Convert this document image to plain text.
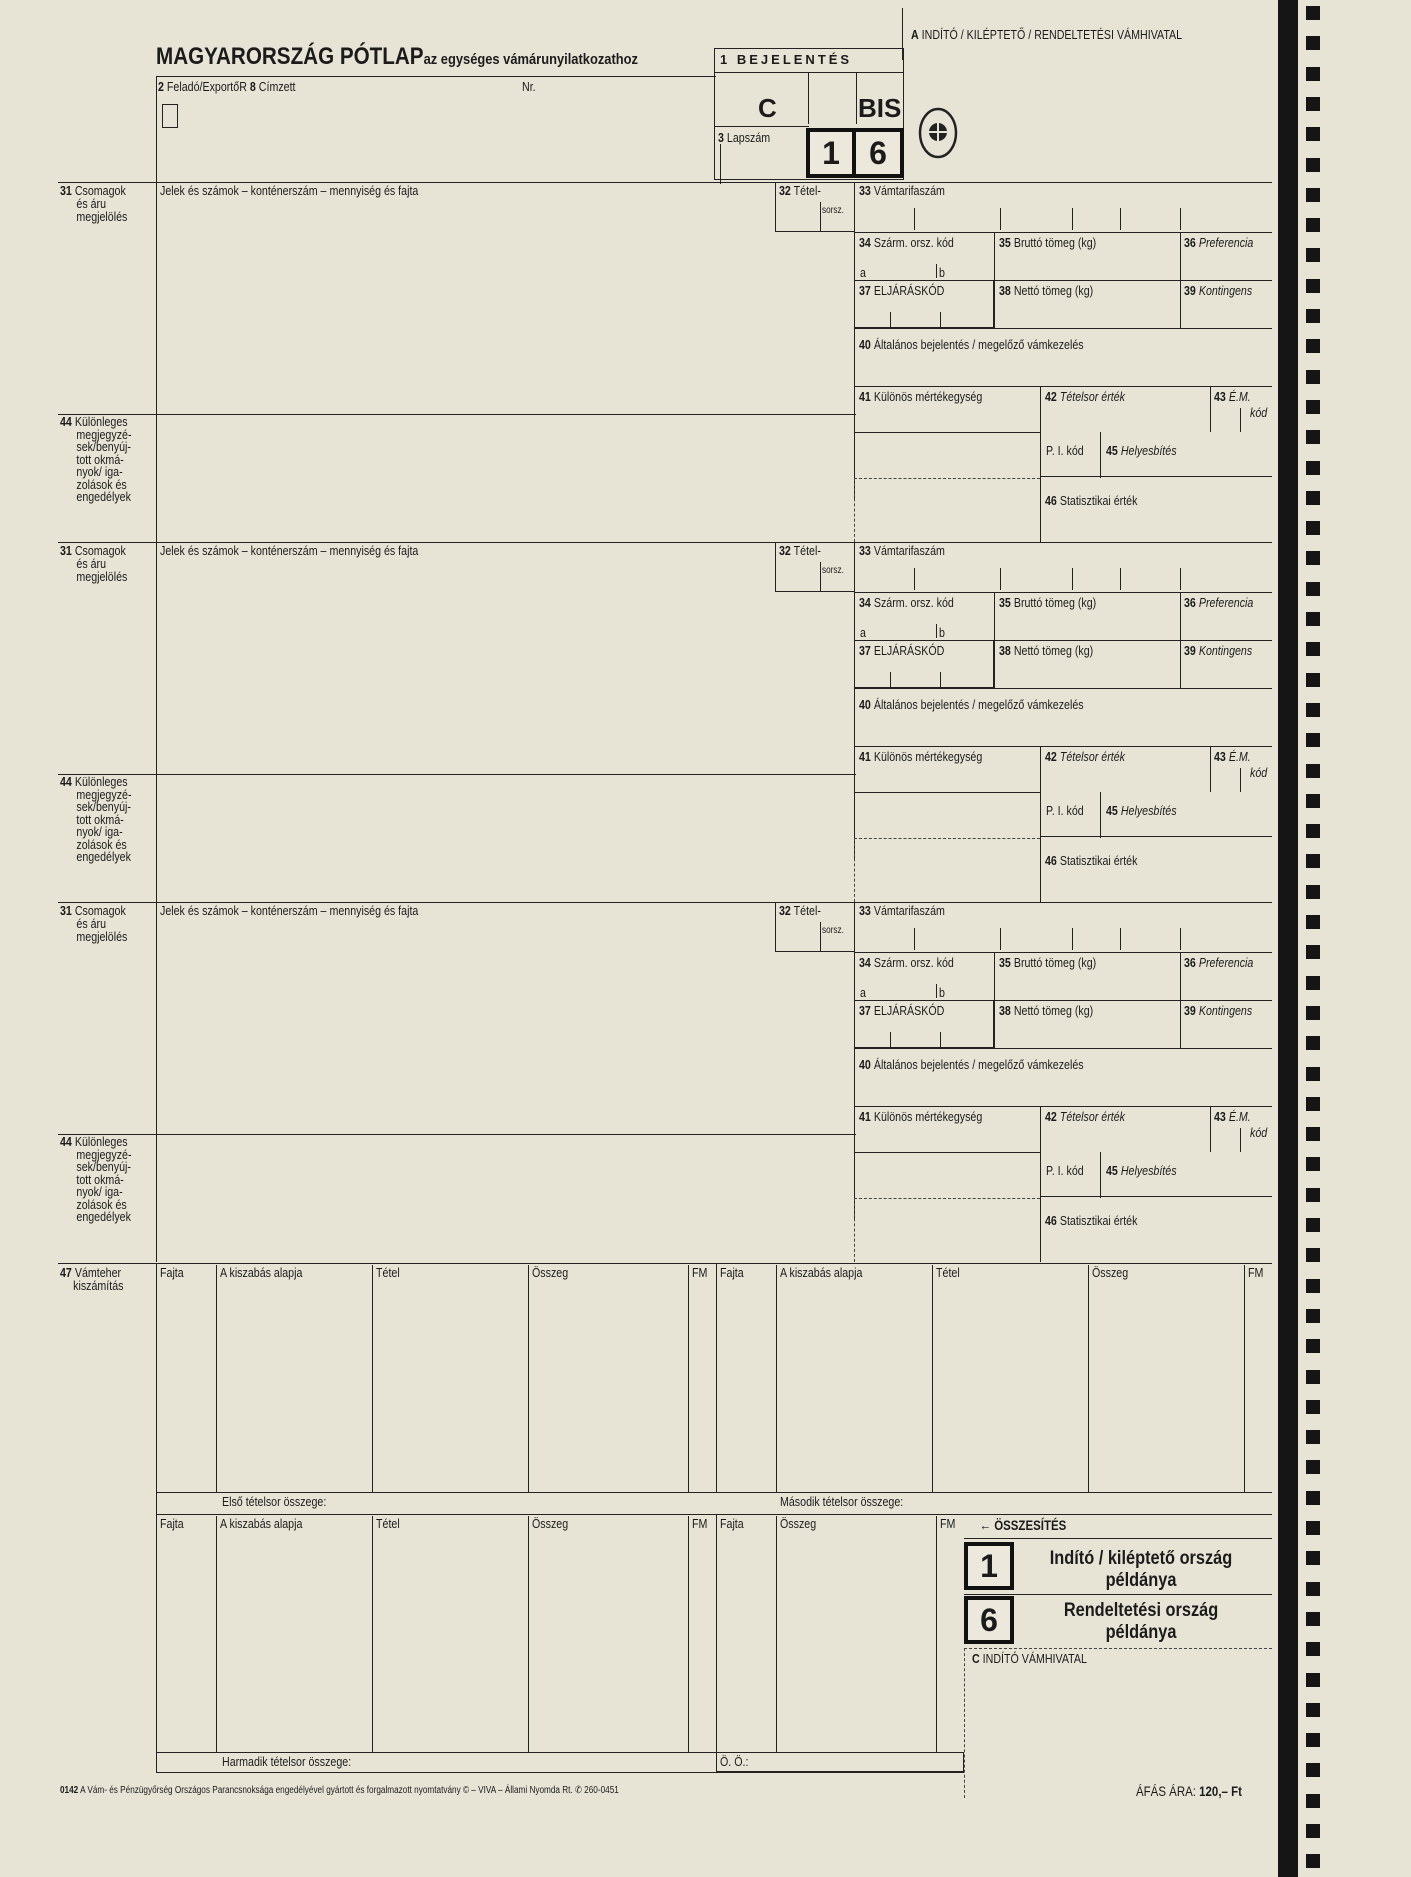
A INDÍTÓ / KILÉPTETŐ / RENDELTETÉSI VÁMHIVATAL
MAGYARORSZÁG PÓTLAPaz egységes vámárunyilatkozathoz	1 BEJELENTÉS
C	BIS
3 Lapszám	1 6
2 Feladó/ExportőR 8 Címzett	Nr.
31 Csomagok
és áru
megjelölés
Jelek és számok – konténerszám – mennyiség és fajta	32 Tétel-
sorsz.
33 Vámtarifaszám
34 Szárm. orsz. kód	35 Bruttó tömeg (kg)	36 Preferencia
a	b
37 ELJÁRÁSKÓD	38 Nettó tömeg (kg)	39 Kontingens
40 Általános bejelentés / megelőző vámkezelés
41 Különös mértékegység	42 Tételsor érték	43 É.M.
kód
44 Különleges
megjegyzé-
sek/benyúj-
tott okmá-
nyok/ iga-
zolások és
engedélyek
P. I. kód 45 Helyesbítés
46 Statisztikai érték
31 Csomagok
és áru
megjelölés
Jelek és számok – konténerszám – mennyiség és fajta	32 Tétel-
sorsz.
33 Vámtarifaszám
34 Szárm. orsz. kód	35 Bruttó tömeg (kg)	36 Preferencia
a	b
37 ELJÁRÁSKÓD	38 Nettó tömeg (kg)	39 Kontingens
40 Általános bejelentés / megelőző vámkezelés
41 Különös mértékegység	42 Tételsor érték	43 É.M.
kód
44 Különleges
megjegyzé-
sek/benyúj-
tott okmá-
nyok/ iga-
zolások és
engedélyek
P. I. kód 45 Helyesbítés
46 Statisztikai érték
31 Csomagok
és áru
megjelölés
Jelek és számok – konténerszám – mennyiség és fajta	32 Tétel-
sorsz.
33 Vámtarifaszám
34 Szárm. orsz. kód	35 Bruttó tömeg (kg)	36 Preferencia
a	b
37 ELJÁRÁSKÓD	38 Nettó tömeg (kg)	39 Kontingens
40 Általános bejelentés / megelőző vámkezelés
41 Különös mértékegység	42 Tételsor érték	43 É.M.
kód
44 Különleges
megjegyzé-
sek/benyúj-
tott okmá-
nyok/ iga-
zolások és
engedélyek
P. I. kód 45 Helyesbítés
46 Statisztikai érték
47 Vámteher
kiszámítás
Fajta	A kiszabás alapja	Tétel	Összeg	FM Fajta	A kiszabás alapja	Tétel	Összeg	FM
Fajta	A kiszabás alapja	Tétel	Összeg	FM Fajta	Összeg	FM
Első tételsor összege:	Második tételsor összege:
← ÖSSZESÍTÉS
1	Indító / kiléptető ország
példánya
6	Rendeltetési ország
példánya
C INDÍTÓ VÁMHIVATAL
Harmadik tételsor összege:	Ö. Ö.:
0142 A Vám- és Pénzügyőrség Országos Parancsnoksága engedélyével gyártott és forgalmazott nyomtatvány © – VIVA – Állami Nyomda Rt. ✆ 260-0451	ÁFÁS ÁRA: 120,– Ft
